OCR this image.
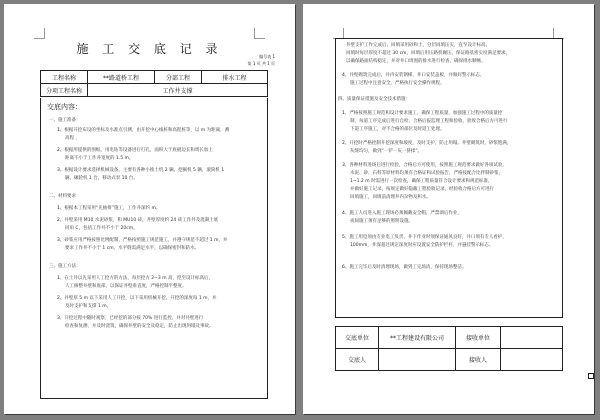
施 工 交 底 记 录
编号表 1
第 1 页 共 1 页
工程名称	**路道桥工程	分部工程	排水工程
分项工程名称	工作井支撑		
交底内容：
一、施工准备：
1、根据开挖布设的坐标及水准点引测，由开挖中心线桩和高程桩等，以 m 为距离，测
高程 ，
2、根据所提供的图纸，用电钻等设备进行打孔，面积大于底板边长和周长加上
距离不小于工作井宽度的 1.5 m。
3、根据设计要求选择机械设备，主要有各种小推土机 2 辆，挖掘机 5 辆，滚筒机 1
辆，碾轮机 1 台，移动式泵 10 台。
二、材料要求：
1、根据本工程采用“先抽排”施工，工作井深约 m。
2、井壁采用 M10 水泥砂浆，和 MU10 砖，井壁厚度约 24 砖工作井及混凝土底
同角 C，包括工作井不小于 20cm。
3、砂浆应用严格按照比例配制，严格按照施工规范施工，并遵守规范不超过 1 m，并
要求工作井不小于 1 cm，水平缝需满足水平，以确保密封和防水。
三、施工方法：
1、在土井以先采用人工挖方的方法，每层挖方 2~3 m 高，挖至设计标高后，
人工修整井壁和底部，以保证井壁垂直度，严格控制平整度。
2、井壁厚 5 m 以下采用人工开挖，以下采用机械开挖，开挖的深度每 1 m，并
及时支护和支撑 1 m。
3、开挖过程中随时观察，已经挖的部分按 70% 进行监控，并对井壁进行
检查和复测，并及时浇筑，确保井壁的安全及稳定，防止出现坍塌及事故。
井壁支护工作完成后，回填采用砂和土，分层回填压实，直至设计标高。
回填时每层厚度不超过 30 cm，回填后用压路机碾压，保证路基密实度满足要求，
以确保路面结构稳定，并对井口周围的排水进行检查，确保排水顺畅。
4、井壁砌筑完成后，井内安装钢梯，井口安装盖板，并做好警示标志。
施工过程中注意安全，严格执行安全操作规程。
四、质量保证措施及安全技术措施：
1、严格按照施工规范和设计要求施工，确保工程质量，加强施工过程中的质量控
制，每道工序完成后进行自检，合格后报监理工程师验收，验收合格后方可进行
下道工序施工，对不合格的部位及时返工处理。
2、开挖时严格控制开挖深度和坡度，及时支护，防止坍塌。井壁砌筑时，砂浆饱满，
灰缝均匀，做到“一铲一灰一挤揉”。
3、各种材料进场后进行检验，合格后方可使用，按照施工规范要求做好各项试验，
水泥、砂、石料等原材料均须有合格证和试验报告，严格按配合比拌制砂浆，
1~1.2 m 时需进行一次检查，确保工程质量符合设计要求和规范标准，
并做好施工记录，按规定做好隐蔽工程验收记录，经验收合格后方可进行
回填施工，回填前清理井内杂物及积水。
4、施工人员进入施工现场必须佩戴安全帽，严禁酒后作业，
夜间施工须有足够的照明设施。
5、施工用电须由专业电工负责，井下作业时须保证通风良好，井口须有专人看护，
100mm，井深超过规定深度时应设置安全防护栏杆，并悬挂警示标志。
6、施工完毕后及时清理现场，做到工完场清，保持现场整洁。
交底单位	**工程建设有限公司	接收单位	
交底人		接收人	
